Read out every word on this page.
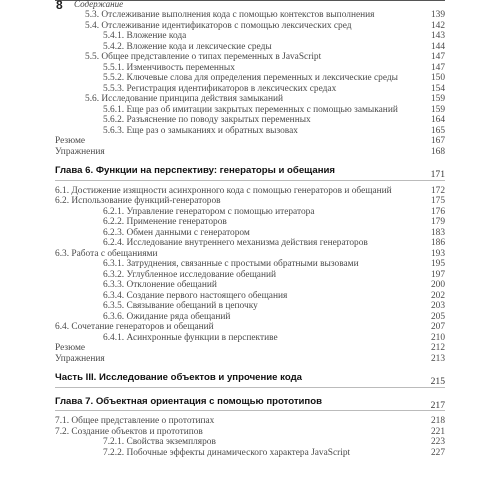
8 Содержание
5.3. Отслеживание выполнения кода с помощью контекстов выполнения	139
5.4. Отслеживание идентификаторов с помощью лексических сред	142
5.4.1. Вложение кода	143
5.4.2. Вложение кода и лексические среды	144
5.5. Общее представление о типах переменных в JavaScript	147
5.5.1. Изменчивость переменных	147
5.5.2. Ключевые слова для определения переменных и лексические среды	150
5.5.3. Регистрация идентификаторов в лексических средах	154
5.6. Исследование принципа действия замыканий	159
5.6.1. Еще раз об имитации закрытых переменных с помощью замыканий	159
5.6.2. Разъяснение по поводу закрытых переменных	164
5.6.3. Еще раз о замыканиях и обратных вызовах	165
Резюме	167
Упражнения	168
Глава 6. Функции на перспективу: генераторы и обещания	171
6.1. Достижение изящности асинхронного кода с помощью генераторов и обещаний	172
6.2. Использование функций-генераторов	175
6.2.1. Управление генератором с помощью итератора	176
6.2.2. Применение генераторов	179
6.2.3. Обмен данными с генератором	183
6.2.4. Исследование внутреннего механизма действия генераторов	186
6.3. Работа с обещаниями	193
6.3.1. Затруднения, связанные с простыми обратными вызовами	195
6.3.2. Углубленное исследование обещаний	197
6.3.3. Отклонение обещаний	200
6.3.4. Создание первого настоящего обещания	202
6.3.5. Связывание обещаний в цепочку	203
6.3.6. Ожидание ряда обещаний	205
6.4. Сочетание генераторов и обещаний	207
6.4.1. Асинхронные функции в перспективе	210
Резюме	212
Упражнения	213
Часть III. Исследование объектов и упрочение кода	215
Глава 7. Объектная ориентация с помощью прототипов	217
7.1. Общее представление о прототипах	218
7.2. Создание объектов и прототипов	221
7.2.1. Свойства экземпляров	223
7.2.2. Побочные эффекты динамического характера JavaScript	227
